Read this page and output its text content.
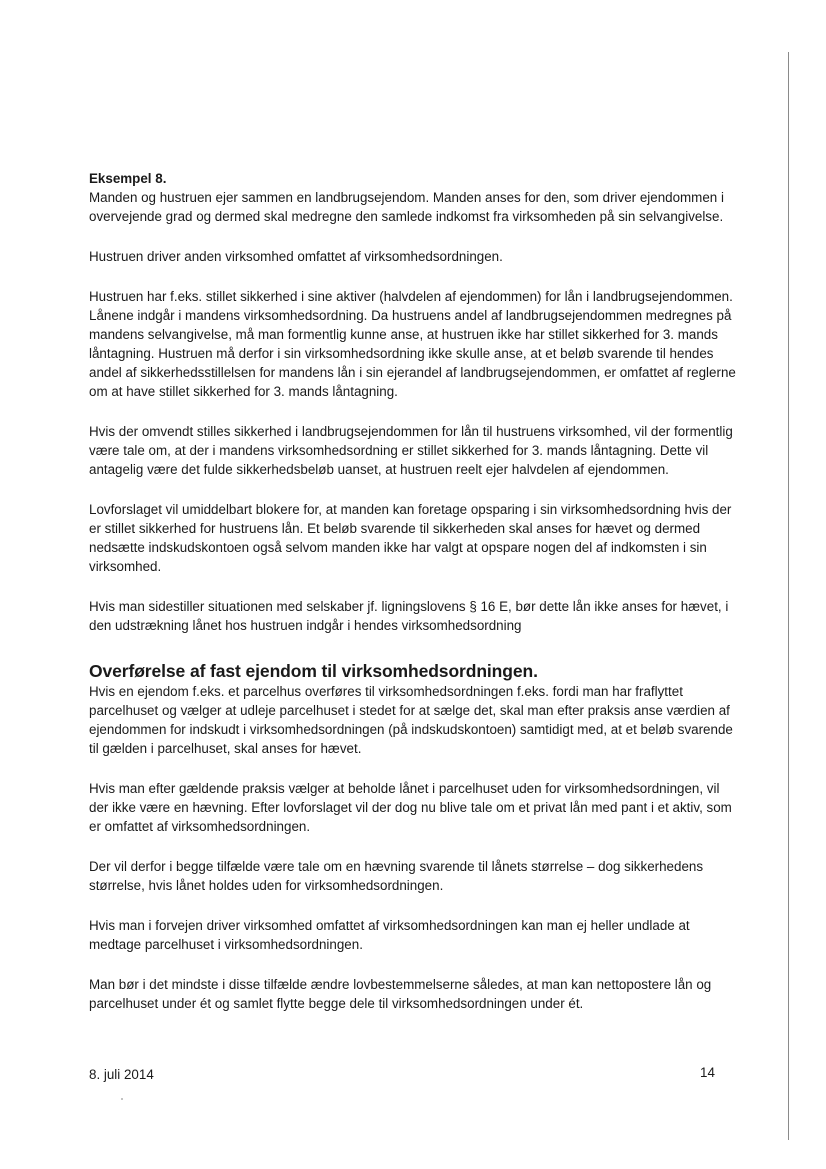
Eksempel 8.

Manden og hustruen ejer sammen en landbrugsejendom. Manden anses for den, som driver ejendommen i overvejende grad og dermed skal medregne den samlede indkomst fra virksomheden på sin selvangivelse.

Hustruen driver anden virksomhed omfattet af virksomhedsordningen.

Hustruen har f.eks. stillet sikkerhed i sine aktiver (halvdelen af ejendommen) for lån i landbrugsejendommen. Lånene indgår i mandens virksomhedsordning. Da hustruens andel af landbrugsejendommen medregnes på mandens selvangivelse, må man formentlig kunne anse, at hustruen ikke har stillet sikkerhed for 3. mands låntagning. Hustruen må derfor i sin virksomhedsordning ikke skulle anse, at et beløb svarende til hendes andel af sikkerhedsstillelsen for mandens lån i sin ejerandel af landbrugsejendommen, er omfattet af reglerne om at have stillet sikkerhed for 3. mands låntagning.

Hvis der omvendt stilles sikkerhed i landbrugsejendommen for lån til hustruens virksomhed, vil der formentlig være tale om, at der i mandens virksomhedsordning er stillet sikkerhed for 3. mands låntagning. Dette vil antagelig være det fulde sikkerhedsbeløb uanset, at hustruen reelt ejer halvdelen af ejendommen.

Lovforslaget vil umiddelbart blokere for, at manden kan foretage opsparing i sin virksomhedsordning hvis der er stillet sikkerhed for hustruens lån. Et beløb svarende til sikkerheden skal anses for hævet og dermed nedsætte indskudskontoen også selvom manden ikke har valgt at opspare nogen del af indkomsten i sin virksomhed.

Hvis man sidestiller situationen med selskaber jf. ligningslovens § 16 E, bør dette lån ikke anses for hævet, i den udstrækning lånet hos hustruen indgår i hendes virksomhedsordning

Overførelse af fast ejendom til virksomhedsordningen.

Hvis en ejendom f.eks. et parcelhus overføres til virksomhedsordningen f.eks. fordi man har fraflyttet parcelhuset og vælger at udleje parcelhuset i stedet for at sælge det, skal man efter praksis anse værdien af ejendommen for indskudt i virksomhedsordningen (på indskudskontoen) samtidigt med, at et beløb svarende til gælden i parcelhuset, skal anses for hævet.

Hvis man efter gældende praksis vælger at beholde lånet i parcelhuset uden for virksomhedsordningen, vil der ikke være en hævning. Efter lovforslaget vil der dog nu blive tale om et privat lån med pant i et aktiv, som er omfattet af virksomhedsordningen.

Der vil derfor i begge tilfælde være tale om en hævning svarende til lånets størrelse – dog sikkerhedens størrelse, hvis lånet holdes uden for virksomhedsordningen.

Hvis man i forvejen driver virksomhed omfattet af virksomhedsordningen kan man ej heller undlade at medtage parcelhuset i virksomhedsordningen.

Man bør i det mindste i disse tilfælde ændre lovbestemmelserne således, at man kan nettopostere lån og parcelhuset under ét og samlet flytte begge dele til virksomhedsordningen under ét.

8. juli 2014	14
